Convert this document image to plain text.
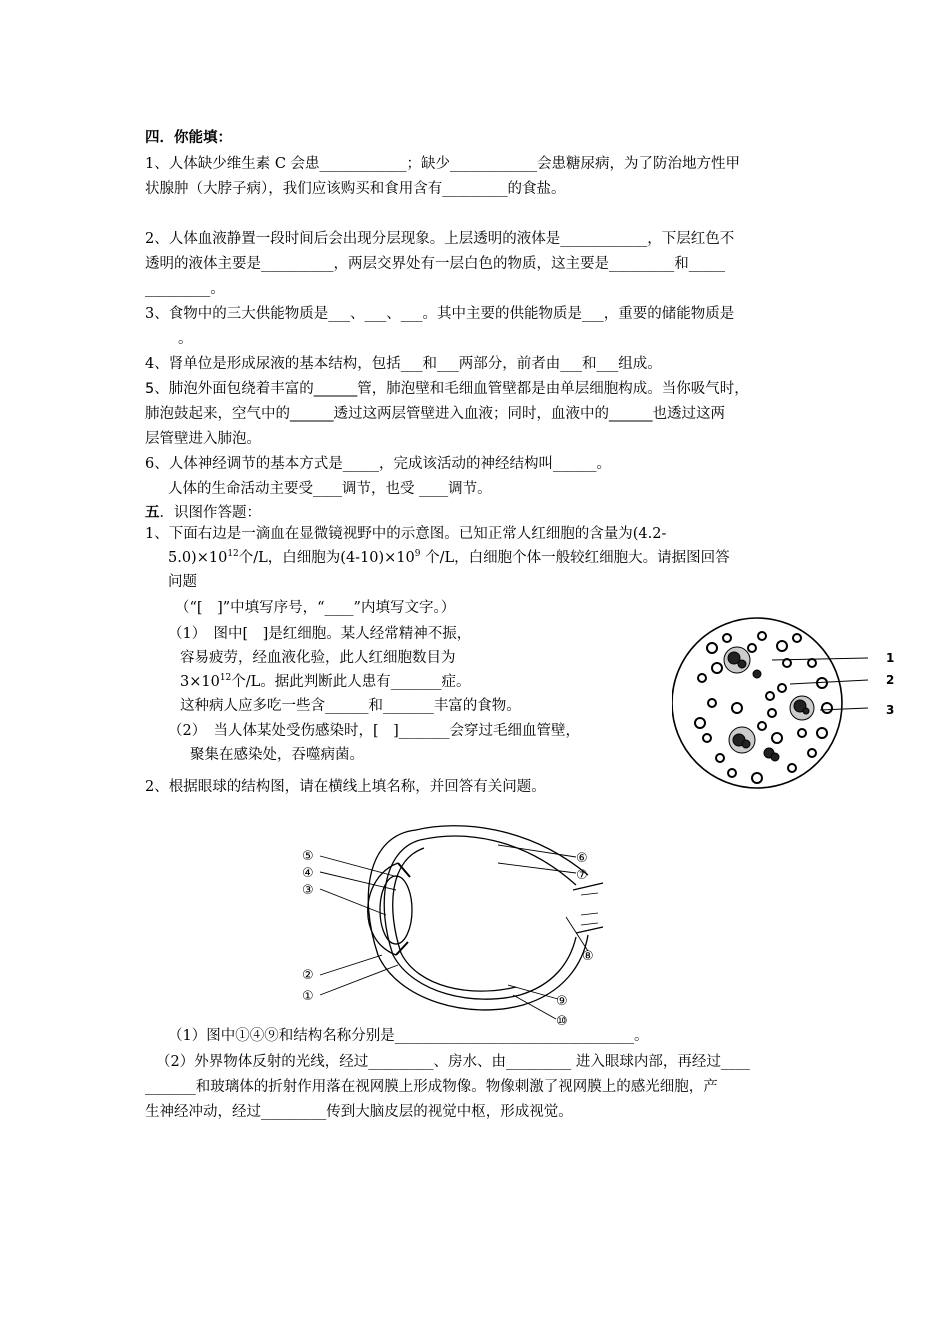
四．你能填：
1、人体缺少维生素 C 会患____________；缺少____________会患糖尿病，为了防治地方性甲
状腺肿（大脖子病），我们应该购买和食用含有_________的食盐。
2、人体血液静置一段时间后会出现分层现象。上层透明的液体是____________，下层红色不
透明的液体主要是__________，两层交界处有一层白色的物质，这主要是_________和_____
_________。
3、食物中的三大供能物质是___、___、___。其中主要的供能物质是___，重要的储能物质是
。
4、肾单位是形成尿液的基本结构，包括___和___两部分，前者由___和___组成。
5、肺泡外面包绕着丰富的______管，肺泡壁和毛细血管壁都是由单层细胞构成。当你吸气时，
肺泡鼓起来，空气中的______透过这两层管壁进入血液；同时，血液中的______也透过这两
层管壁进入肺泡。
6、人体神经调节的基本方式是_____，完成该活动的神经结构叫______。
人体的生命活动主要受____调节，也受 ____调节。
五．识图作答题：
1、下面右边是一滴血在显微镜视野中的示意图。已知正常人红细胞的含量为(4.2-
$5.0)\times 10^{12}$个/L，白细胞为$(4-10)\times 10^9$ 个/L，白细胞个体一般较红细胞大。请据图回答
问题
（“[　]”中填写序号，“____”内填写文字。）
（1）　图中[　]是红细胞。某人经常精神不振，
容易疲劳，经血液化验，此人红细胞数目为
$3\times 10^{12}$个/L。据此判断此人患有_______症。
这种病人应多吃一些含______和_______丰富的食物。
（2）　当人体某处受伤感染时，[　]_______会穿过毛细血管壁，
聚集在感染处，吞噬病菌。
1
2
3
2、根据眼球的结构图，请在横线上填名称，并回答有关问题。
⑤
④
③
②
①
⑥
⑦
⑧
⑨
⑩
（1）图中①④⑨和结构名称分别是_________________________________。
（2）外界物体反射的光线，经过_________、房水、由_________ 进入眼球内部，再经过____
_______和玻璃体的折射作用落在视网膜上形成物像。物像刺激了视网膜上的感光细胞，产
生神经冲动，经过_________传到大脑皮层的视觉中枢，形成视觉。
